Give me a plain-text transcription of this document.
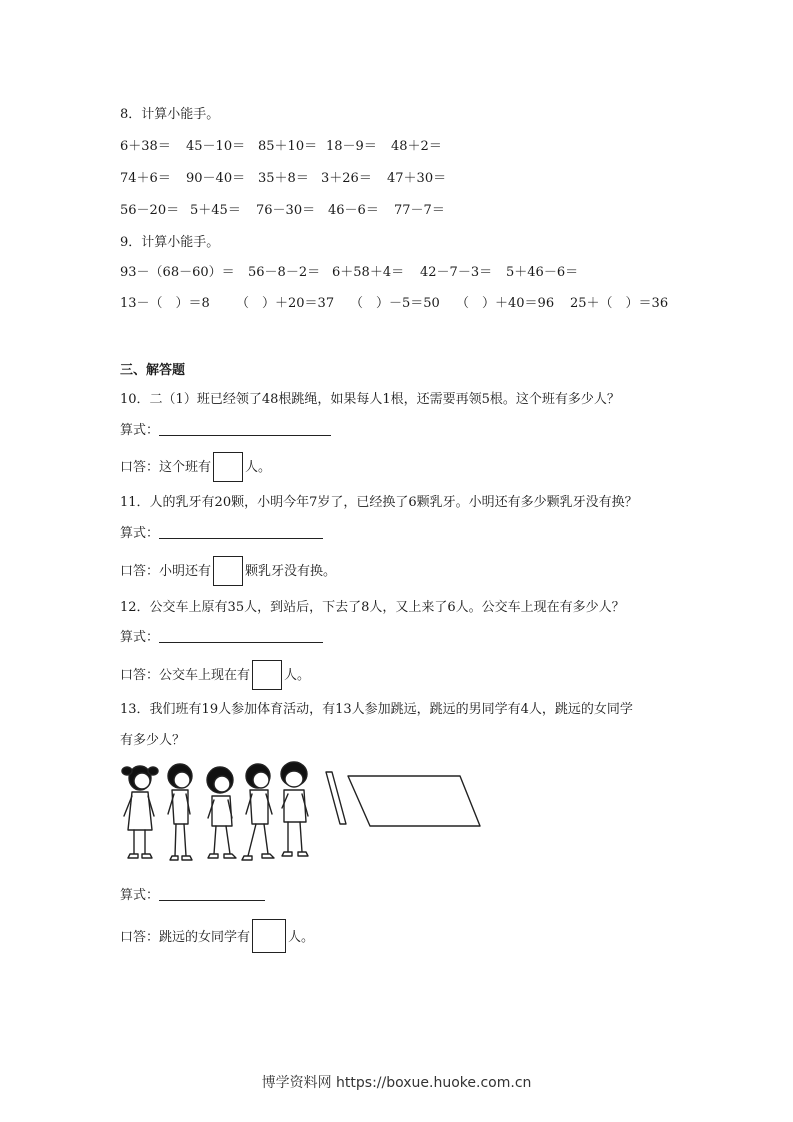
8．计算小能手。
6＋38＝ 45－10＝ 85＋10＝ 18－9＝ 48＋2＝
74＋6＝ 90－40＝ 35＋8＝ 3＋26＝ 47＋30＝
56－20＝ 5＋45＝ 76－30＝ 46－6＝ 77－7＝
9．计算小能手。
93－（68－60）＝ 56－8－2＝ 6＋58＋4＝ 42－7－3＝ 5＋46－6＝
13－（　）＝8 （　）＋20＝37 （　）－5＝50 （　）＋40＝96 25＋（　）＝36
三、解答题
10．二（1）班已经领了48根跳绳，如果每人1根，还需要再领5根。这个班有多少人？
算式：
口答：这个班有	人。
11．人的乳牙有20颗，小明今年7岁了，已经换了6颗乳牙。小明还有多少颗乳牙没有换？
算式：
口答：小明还有	颗乳牙没有换。
12．公交车上原有35人，到站后，下去了8人，又上来了6人。公交车上现在有多少人？
算式：
口答：公交车上现在有	人。
13．我们班有19人参加体育活动，有13人参加跳远，跳远的男同学有4人，跳远的女同学
有多少人？
算式：
口答：跳远的女同学有	人。
博学资料网 https://boxue.huoke.com.cn
